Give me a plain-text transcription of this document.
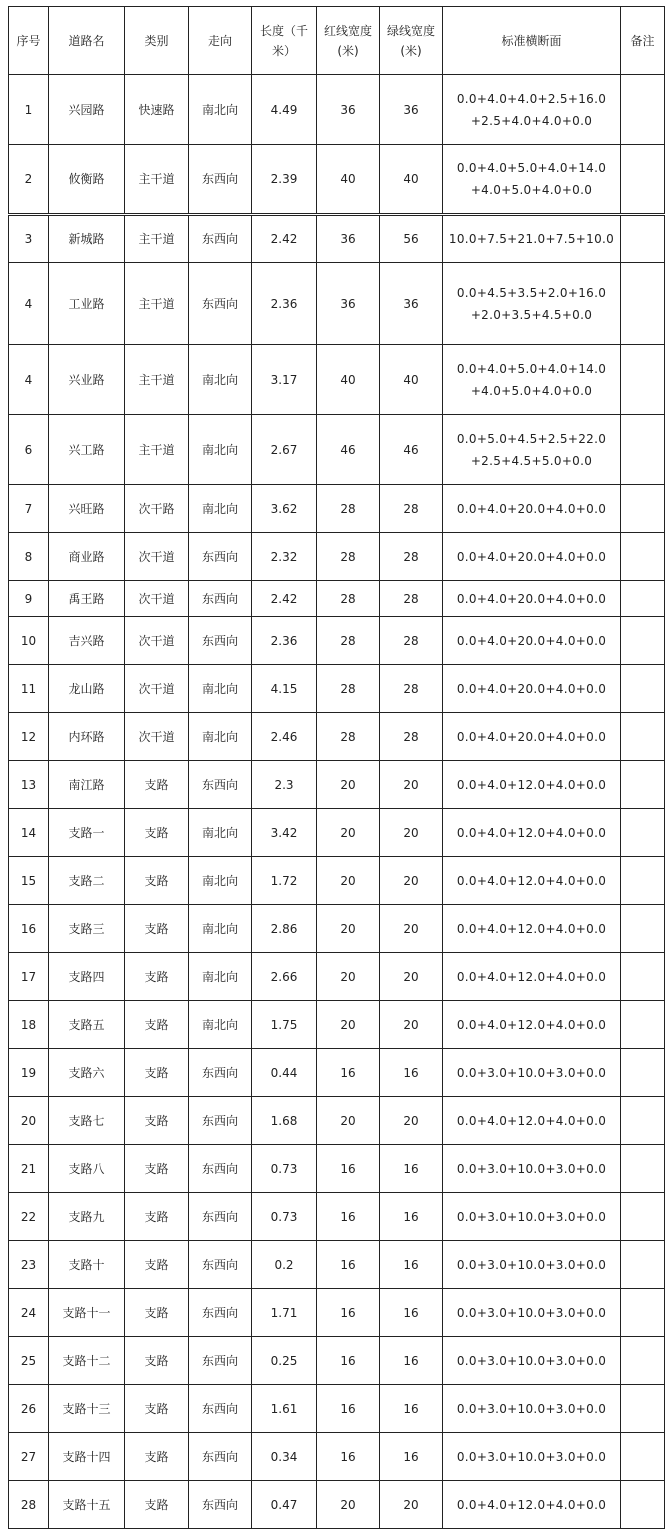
序号	道路名	类别	走向	长度（千米）	红线宽度(米)	绿线宽度(米)	标准横断面	备注
1	兴园路	快速路	南北向	4.49	36	36	0.0+4.0+4.0+2.5+16.0
+2.5+4.0+4.0+0.0	

2	攸衡路	主干道	东西向	2.39	40	40	0.0+4.0+5.0+4.0+14.0
+4.0+5.0+4.0+0.0	

3	新城路	主干道	东西向	2.42	36	56	10.0+7.5+21.0+7.5+10.0	

4	工业路	主干道	东西向	2.36	36	36	0.0+4.5+3.5+2.0+16.0
+2.0+3.5+4.5+0.0	

4	兴业路	主干道	南北向	3.17	40	40	0.0+4.0+5.0+4.0+14.0
+4.0+5.0+4.0+0.0	

6	兴工路	主干道	南北向	2.67	46	46	0.0+5.0+4.5+2.5+22.0
+2.5+4.5+5.0+0.0	

7	兴旺路	次干路	南北向	3.62	28	28	0.0+4.0+20.0+4.0+0.0	

8	商业路	次干道	东西向	2.32	28	28	0.0+4.0+20.0+4.0+0.0	

9	禹王路	次干道	东西向	2.42	28	28	0.0+4.0+20.0+4.0+0.0	

10	吉兴路	次干道	东西向	2.36	28	28	0.0+4.0+20.0+4.0+0.0	

11	龙山路	次干道	南北向	4.15	28	28	0.0+4.0+20.0+4.0+0.0	

12	内环路	次干道	南北向	2.46	28	28	0.0+4.0+20.0+4.0+0.0	

13	南江路	支路	东西向	2.3	20	20	0.0+4.0+12.0+4.0+0.0	

14	支路一	支路	南北向	3.42	20	20	0.0+4.0+12.0+4.0+0.0	

15	支路二	支路	南北向	1.72	20	20	0.0+4.0+12.0+4.0+0.0	

16	支路三	支路	南北向	2.86	20	20	0.0+4.0+12.0+4.0+0.0	

17	支路四	支路	南北向	2.66	20	20	0.0+4.0+12.0+4.0+0.0	

18	支路五	支路	南北向	1.75	20	20	0.0+4.0+12.0+4.0+0.0	

19	支路六	支路	东西向	0.44	16	16	0.0+3.0+10.0+3.0+0.0	

20	支路七	支路	东西向	1.68	20	20	0.0+4.0+12.0+4.0+0.0	

21	支路八	支路	东西向	0.73	16	16	0.0+3.0+10.0+3.0+0.0	

22	支路九	支路	东西向	0.73	16	16	0.0+3.0+10.0+3.0+0.0	

23	支路十	支路	东西向	0.2	16	16	0.0+3.0+10.0+3.0+0.0	

24	支路十一	支路	东西向	1.71	16	16	0.0+3.0+10.0+3.0+0.0	

25	支路十二	支路	东西向	0.25	16	16	0.0+3.0+10.0+3.0+0.0	

26	支路十三	支路	东西向	1.61	16	16	0.0+3.0+10.0+3.0+0.0	

27	支路十四	支路	东西向	0.34	16	16	0.0+3.0+10.0+3.0+0.0	

28	支路十五	支路	东西向	0.47	20	20	0.0+4.0+12.0+4.0+0.0	
